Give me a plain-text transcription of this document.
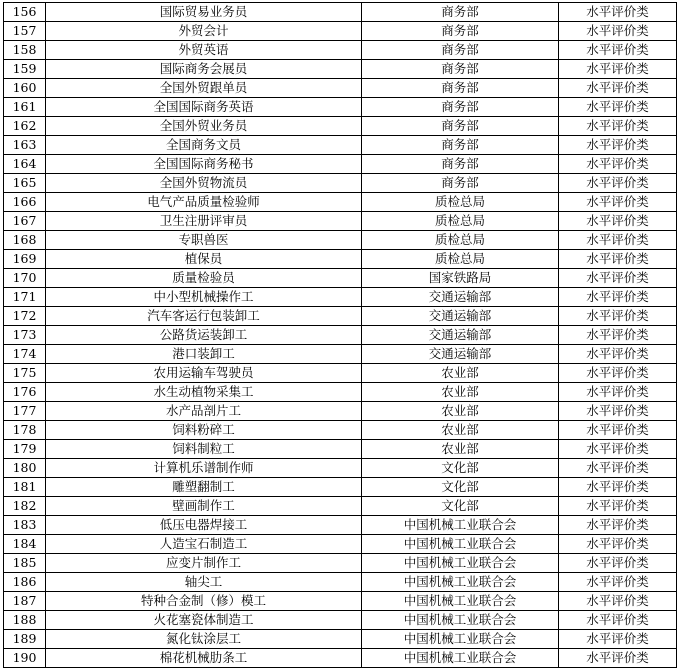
156	国际贸易业务员	商务部	水平评价类
157	外贸会计	商务部	水平评价类
158	外贸英语	商务部	水平评价类
159	国际商务会展员	商务部	水平评价类
160	全国外贸跟单员	商务部	水平评价类
161	全国国际商务英语	商务部	水平评价类
162	全国外贸业务员	商务部	水平评价类
163	全国商务文员	商务部	水平评价类
164	全国国际商务秘书	商务部	水平评价类
165	全国外贸物流员	商务部	水平评价类
166	电气产品质量检验师	质检总局	水平评价类
167	卫生注册评审员	质检总局	水平评价类
168	专职兽医	质检总局	水平评价类
169	植保员	质检总局	水平评价类
170	质量检验员	国家铁路局	水平评价类
171	中小型机械操作工	交通运输部	水平评价类
172	汽车客运行包装卸工	交通运输部	水平评价类
173	公路货运装卸工	交通运输部	水平评价类
174	港口装卸工	交通运输部	水平评价类
175	农用运输车驾驶员	农业部	水平评价类
176	水生动植物采集工	农业部	水平评价类
177	水产品剖片工	农业部	水平评价类
178	饲料粉碎工	农业部	水平评价类
179	饲料制粒工	农业部	水平评价类
180	计算机乐谱制作师	文化部	水平评价类
181	雕塑翻制工	文化部	水平评价类
182	壁画制作工	文化部	水平评价类
183	低压电器焊接工	中国机械工业联合会	水平评价类
184	人造宝石制造工	中国机械工业联合会	水平评价类
185	应变片制作工	中国机械工业联合会	水平评价类
186	轴尖工	中国机械工业联合会	水平评价类
187	特种合金制（修）模工	中国机械工业联合会	水平评价类
188	火花塞瓷体制造工	中国机械工业联合会	水平评价类
189	氮化钛涂层工	中国机械工业联合会	水平评价类
190	棉花机械肋条工	中国机械工业联合会	水平评价类
